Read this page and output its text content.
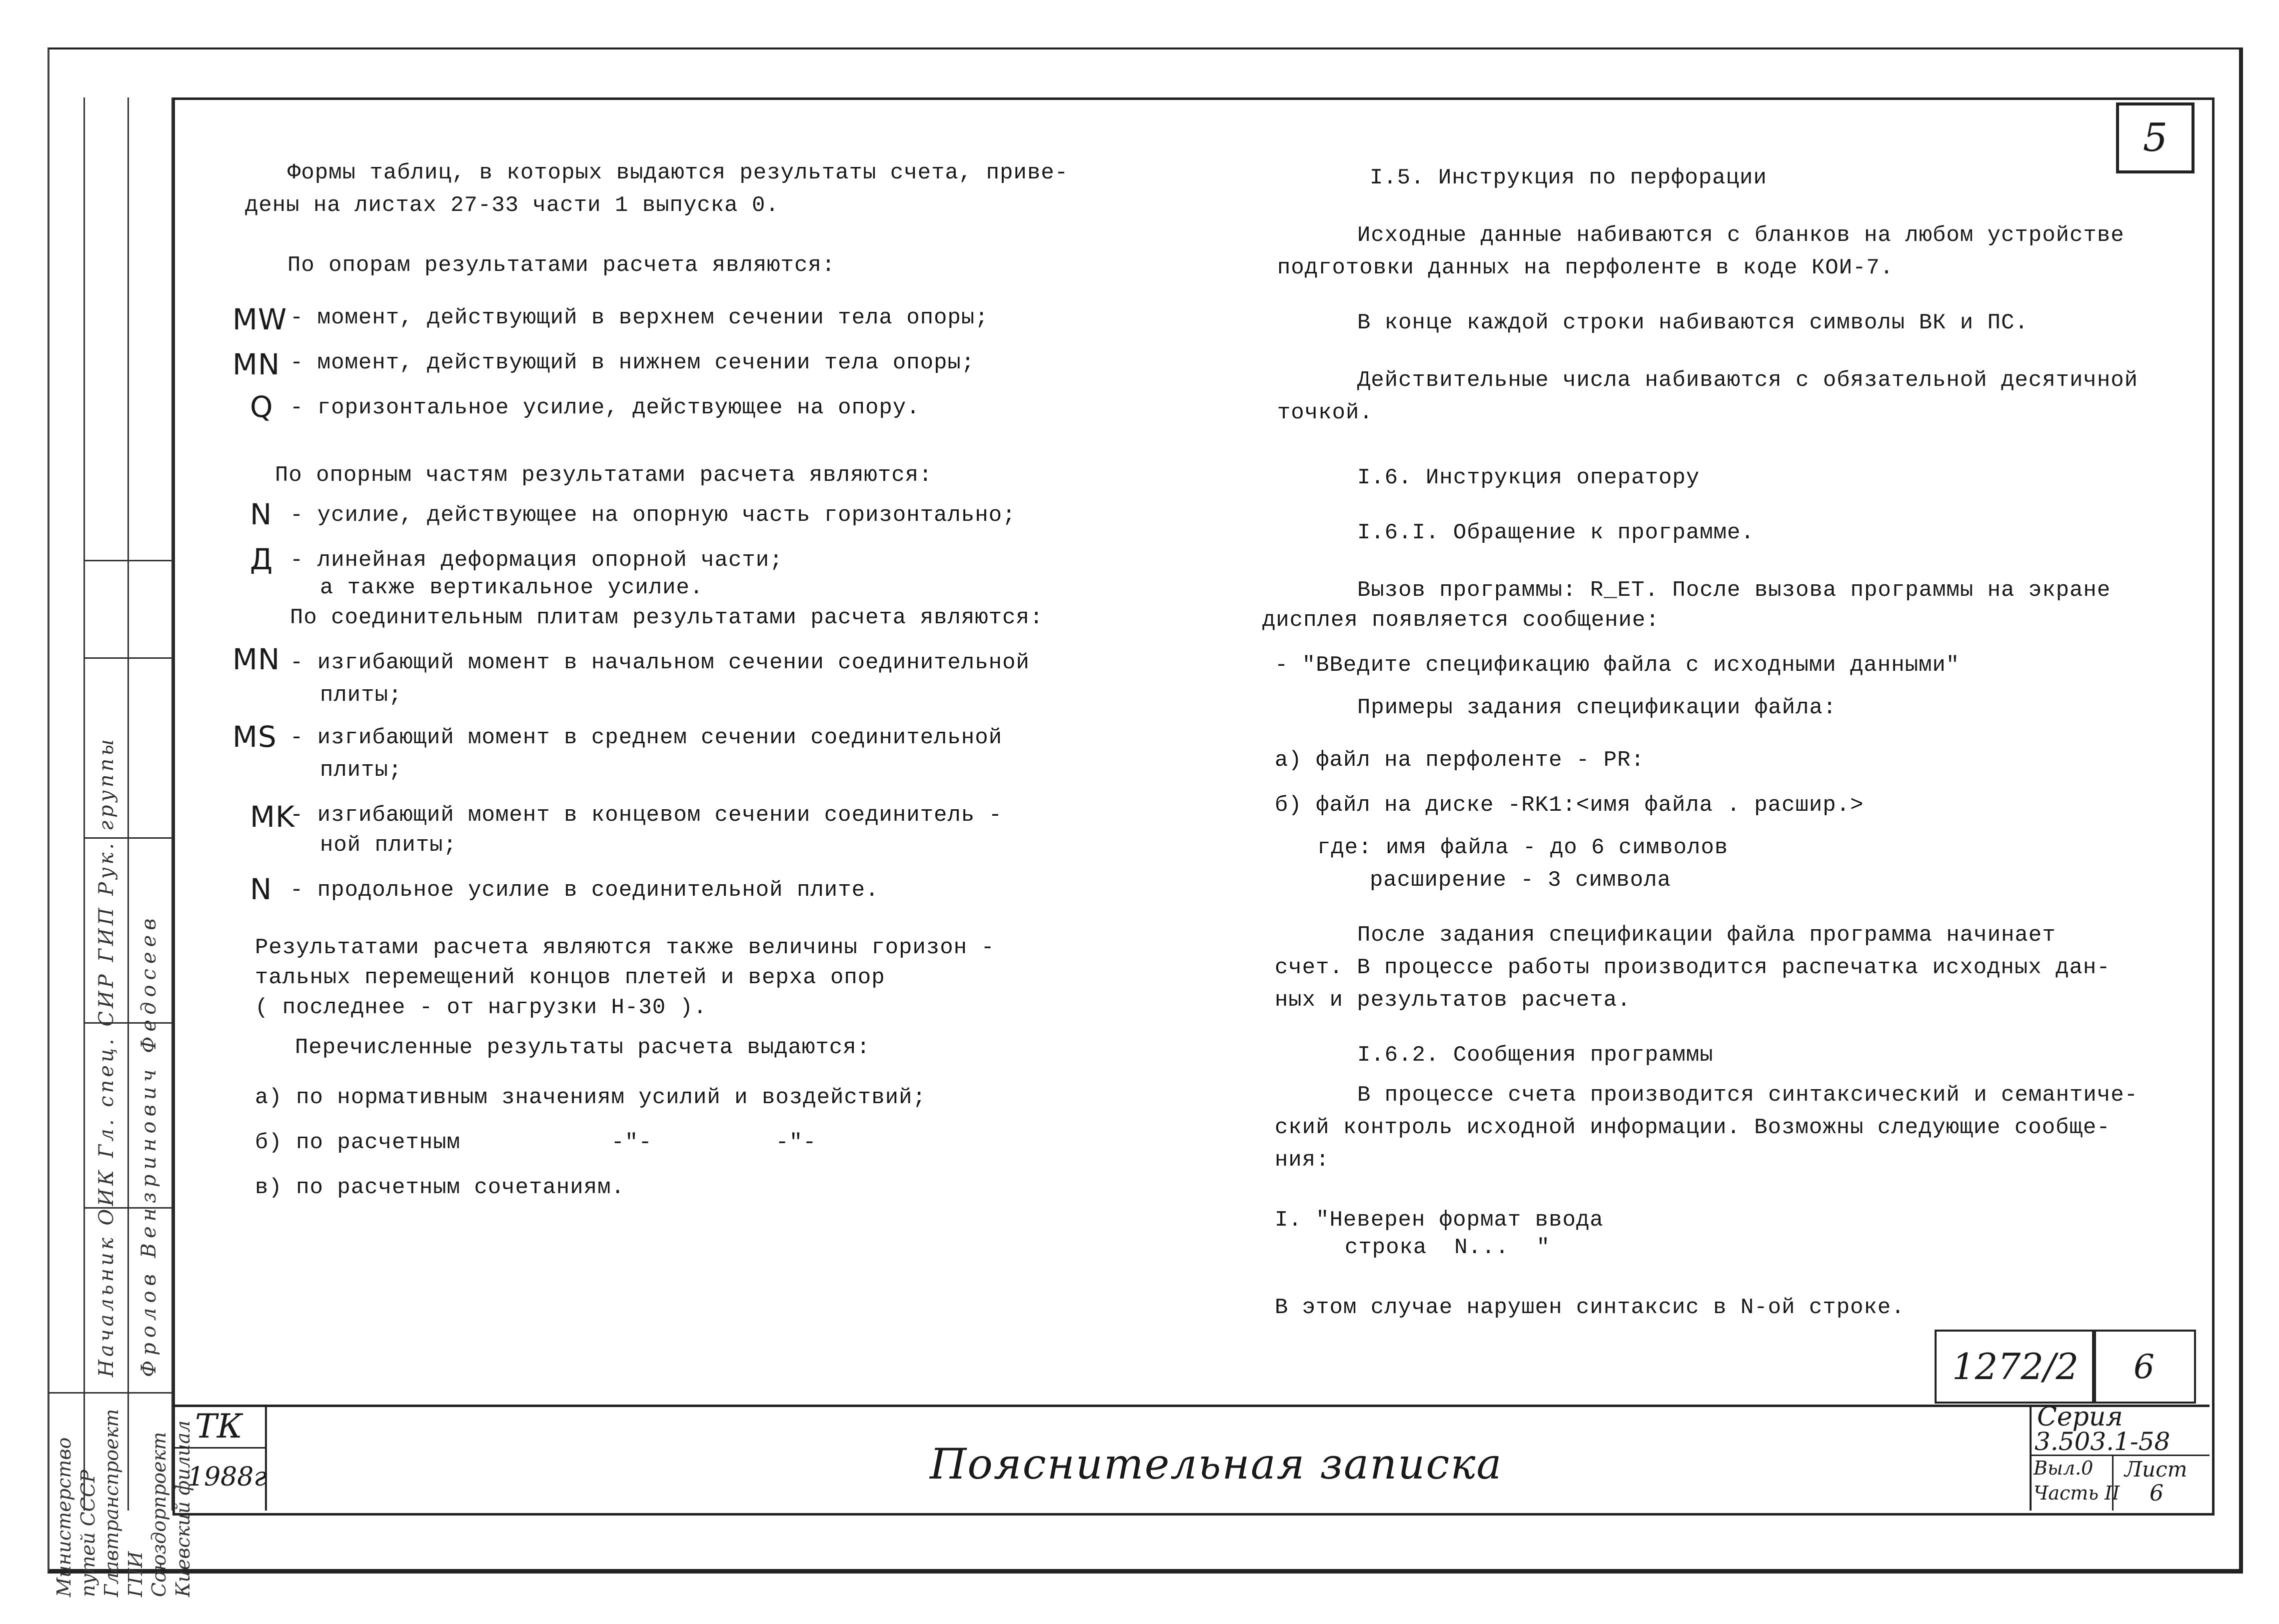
Начальник ОИК Гл. спец. СИР ГИП Рук. группы Фролов Вензринович Федосеев
Министерство путей СССР Главтранспроект ГПИ Союздорпроект Киевский филиал
5
Формы таблиц, в которых выдаются результаты счета, приве-
дены на листах 27-33 части 1 выпуска 0.
По опорам результатами расчета являются:
MW - момент, действующий в верхнем сечении тела опоры;
MN - момент, действующий в нижнем сечении тела опоры;
Q - горизонтальное усилие, действующее на опору.
По опорным частям результатами расчета являются:
N - усилие, действующее на опорную часть горизонтально;
Д - линейная деформация опорной части;
а также вертикальное усилие.
По соединительным плитам результатами расчета являются:
MN - изгибающий момент в начальном сечении соединительной
плиты;
MS - изгибающий момент в среднем сечении соединительной
плиты;
MK
- изгибающий момент в концевом сечении соединитель -
ной плиты;
N - продольное усилие в соединительной плите.
Результатами расчета являются также величины горизон -
тальных перемещений концов плетей и верха опор
( последнее - от нагрузки Н-30 ).
Перечисленные результаты расчета выдаются:
а) по нормативным значениям усилий и воздействий;
б) по расчетным           -"-         -"-
в) по расчетным сочетаниям.
I.5. Инструкция по перфорации
Исходные данные набиваются с бланков на любом устройстве
подготовки данных на перфоленте в коде КОИ-7.
В конце каждой строки набиваются символы ВК и ПС.
Действительные числа набиваются с обязательной десятичной
точкой.
I.6. Инструкция оператору
I.6.I. Обращение к программе.
Вызов программы: R_ET. После вызова программы на экране
дисплея появляется сообщение:
- "ВВедите спецификацию файла с исходными данными"
Примеры задания спецификации файла:
а) файл на перфоленте - PR:
б) файл на диске -RK1:<имя файла . расшир.>
где: имя файла - до 6 символов
расширение - 3 символа
После задания спецификации файла программа начинает
счет. В процессе работы производится распечатка исходных дан-
ных и результатов расчета.
I.6.2. Сообщения программы
В процессе счета производится синтаксический и семантиче-
ский контроль исходной информации. Возможны следующие сообще-
ния:
I. "Неверен формат ввода
строка  N...  "
В этом случае нарушен синтаксис в N-ой строке.
1272/2 6
ТК
1988г	Пояснительная записка
Серия
3.503.1-58
Выл.0
Часть II
Лист
6
